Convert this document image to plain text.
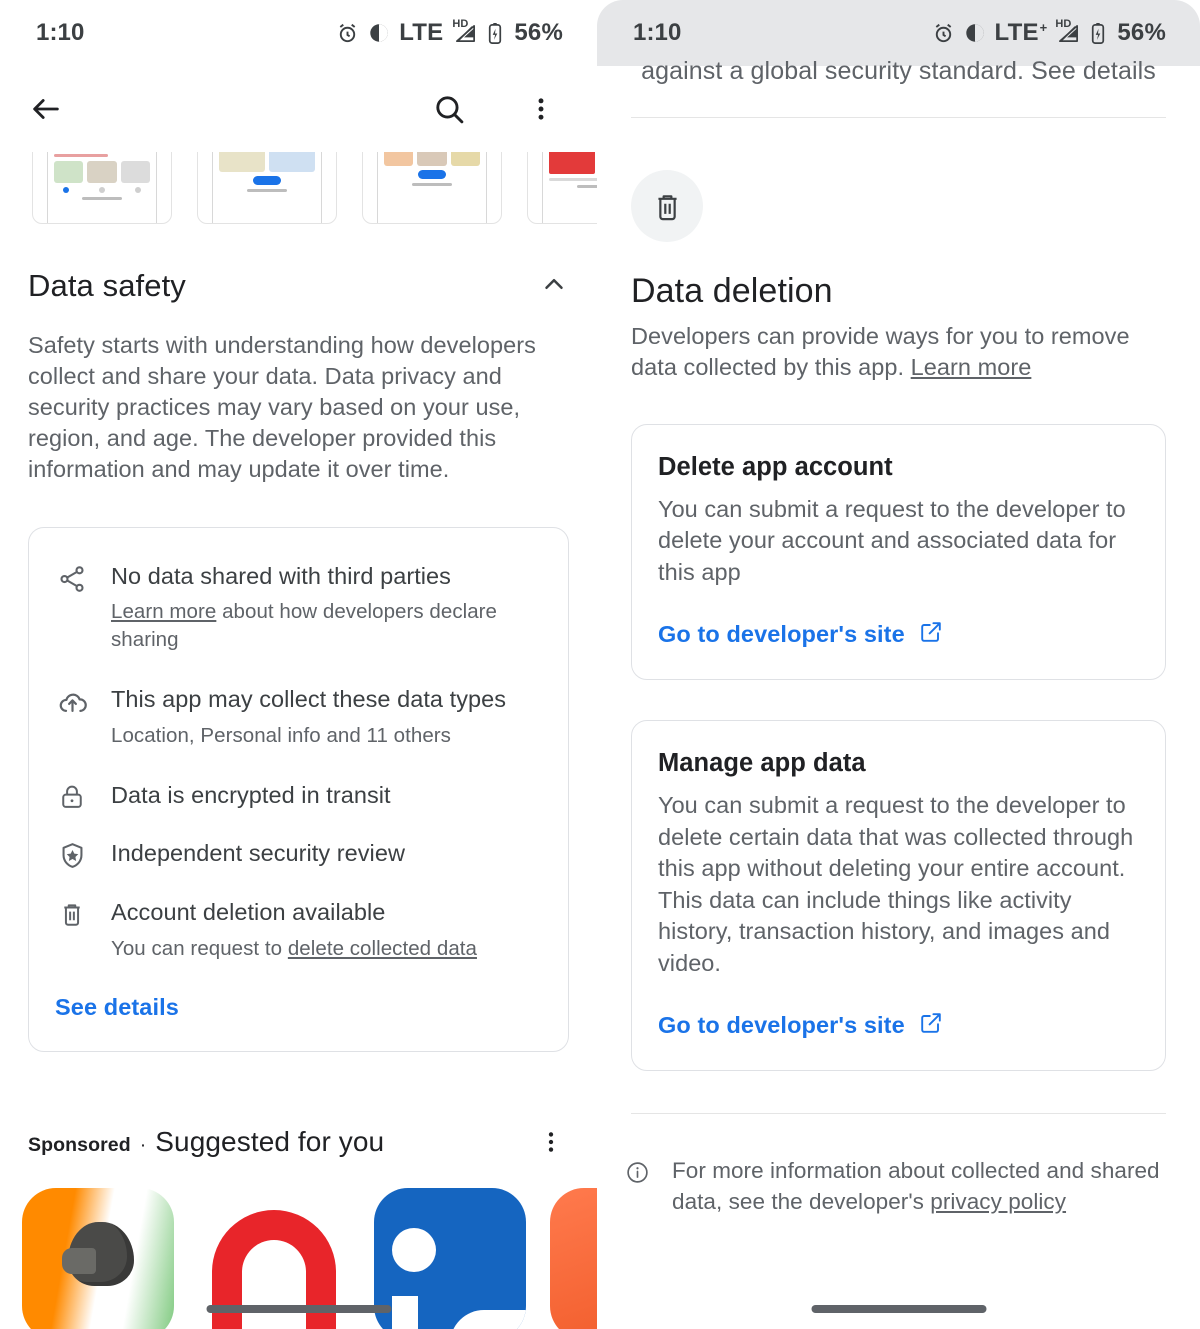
1:10	LTE HD 56%
Data safety
Safety starts with understanding how developers collect and share your data. Data privacy and security practices may vary based on your use, region, and age. The developer provided this information and may update it over time.
No data shared with third parties
Learn more about how developers declare sharing
This app may collect these data types
Location, Personal info and 11 others
Data is encrypted in transit
Independent security review
Account deletion available
You can request to delete collected data
See details
Sponsored · Suggested for you
1:10	LTE + HD 56%
against a global security standard. See details
Data deletion
Developers can provide ways for you to remove data collected by this app. Learn more
Delete app account
You can submit a request to the developer to delete your account and associated data for this app
Go to developer's site
Manage app data
You can submit a request to the developer to delete certain data that was collected through this app without deleting your entire account. This data can include things like activity history, transaction history, and images and video.
Go to developer's site
For more information about collected and shared data, see the developer's privacy policy
